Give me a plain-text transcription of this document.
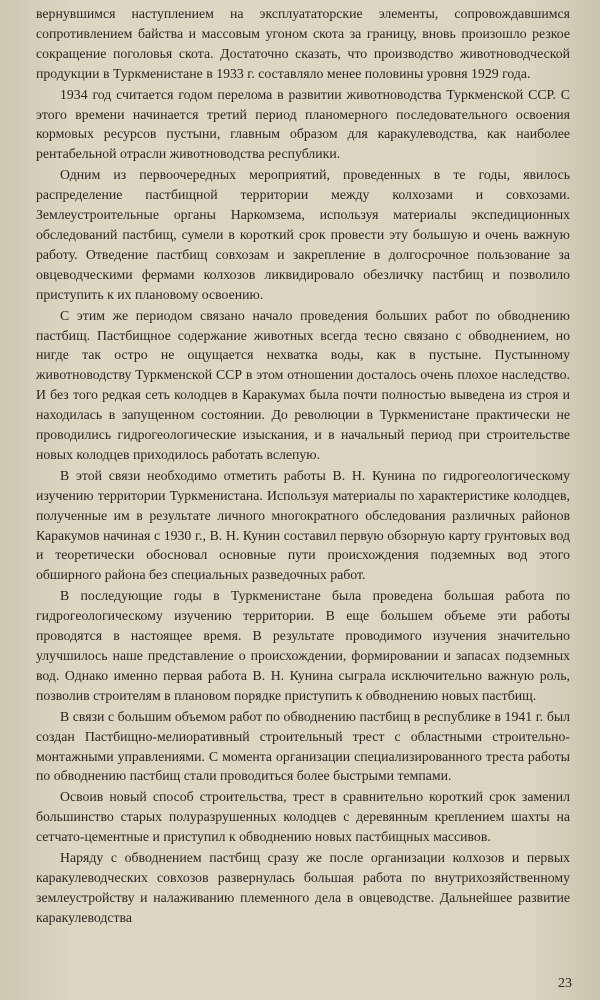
вернувшимся наступлением на эксплуататорские элементы, сопровождавшимся сопротивлением байства и массовым угоном скота за границу, вновь произошло резкое сокращение поголовья скота. Достаточно сказать, что производство животноводческой продукции в Туркменистане в 1933 г. составляло менее половины уровня 1929 года.

1934 год считается годом перелома в развитии животноводства Туркменской ССР. С этого времени начинается третий период планомерного последовательного освоения кормовых ресурсов пустыни, главным образом для каракулеводства, как наиболее рентабельной отрасли животноводства республики.

Одним из первоочередных мероприятий, проведенных в те годы, явилось распределение пастбищной территории между колхозами и совхозами. Землеустроительные органы Наркомзема, используя материалы экспедиционных обследований пастбищ, сумели в короткий срок провести эту большую и очень важную работу. Отведение пастбищ совхозам и закрепление в долгосрочное пользование за овцеводческими фермами колхозов ликвидировало обезличку пастбищ и позволило приступить к их плановому освоению.

С этим же периодом связано начало проведения больших работ по обводнению пастбищ. Пастбищное содержание животных всегда тесно связано с обводнением, но нигде так остро не ощущается нехватка воды, как в пустыне. Пустынному животноводству Туркменской ССР в этом отношении досталось очень плохое наследство. И без того редкая сеть колодцев в Каракумах была почти полностью выведена из строя и находилась в запущенном состоянии. До революции в Туркменистане практически не проводились гидрогеологические изыскания, и в начальный период при строительстве новых колодцев приходилось работать вслепую.

В этой связи необходимо отметить работы В. Н. Кунина по гидрогеологическому изучению территории Туркменистана. Используя материалы по характеристике колодцев, полученные им в результате личного многократного обследования различных районов Каракумов начиная с 1930 г., В. Н. Кунин составил первую обзорную карту грунтовых вод и теоретически обосновал основные пути происхождения подземных вод этого обширного района без специальных разведочных работ.

В последующие годы в Туркменистане была проведена большая работа по гидрогеологическому изучению территории. В еще большем объеме эти работы проводятся в настоящее время. В результате проводимого изучения значительно улучшилось наше представление о происхождении, формировании и запасах подземных вод. Однако именно первая работа В. Н. Кунина сыграла исключительно важную роль, позволив строителям в плановом порядке приступить к обводнению новых пастбищ.

В связи с большим объемом работ по обводнению пастбищ в республике в 1941 г. был создан Пастбищно-мелиоративный строительный трест с областными строительно-монтажными управлениями. С момента организации специализированного треста работы по обводнению пастбищ стали проводиться более быстрыми темпами.

Освоив новый способ строительства, трест в сравнительно короткий срок заменил большинство старых полуразрушенных колодцев с деревянным креплением шахты на сетчато-цементные и приступил к обводнению новых пастбищных массивов.

Наряду с обводнением пастбищ сразу же после организации колхозов и первых каракулеводческих совхозов развернулась большая работа по внутрихозяйственному землеустройству и налаживанию племенного дела в овцеводстве. Дальнейшее развитие каракулеводства

23
